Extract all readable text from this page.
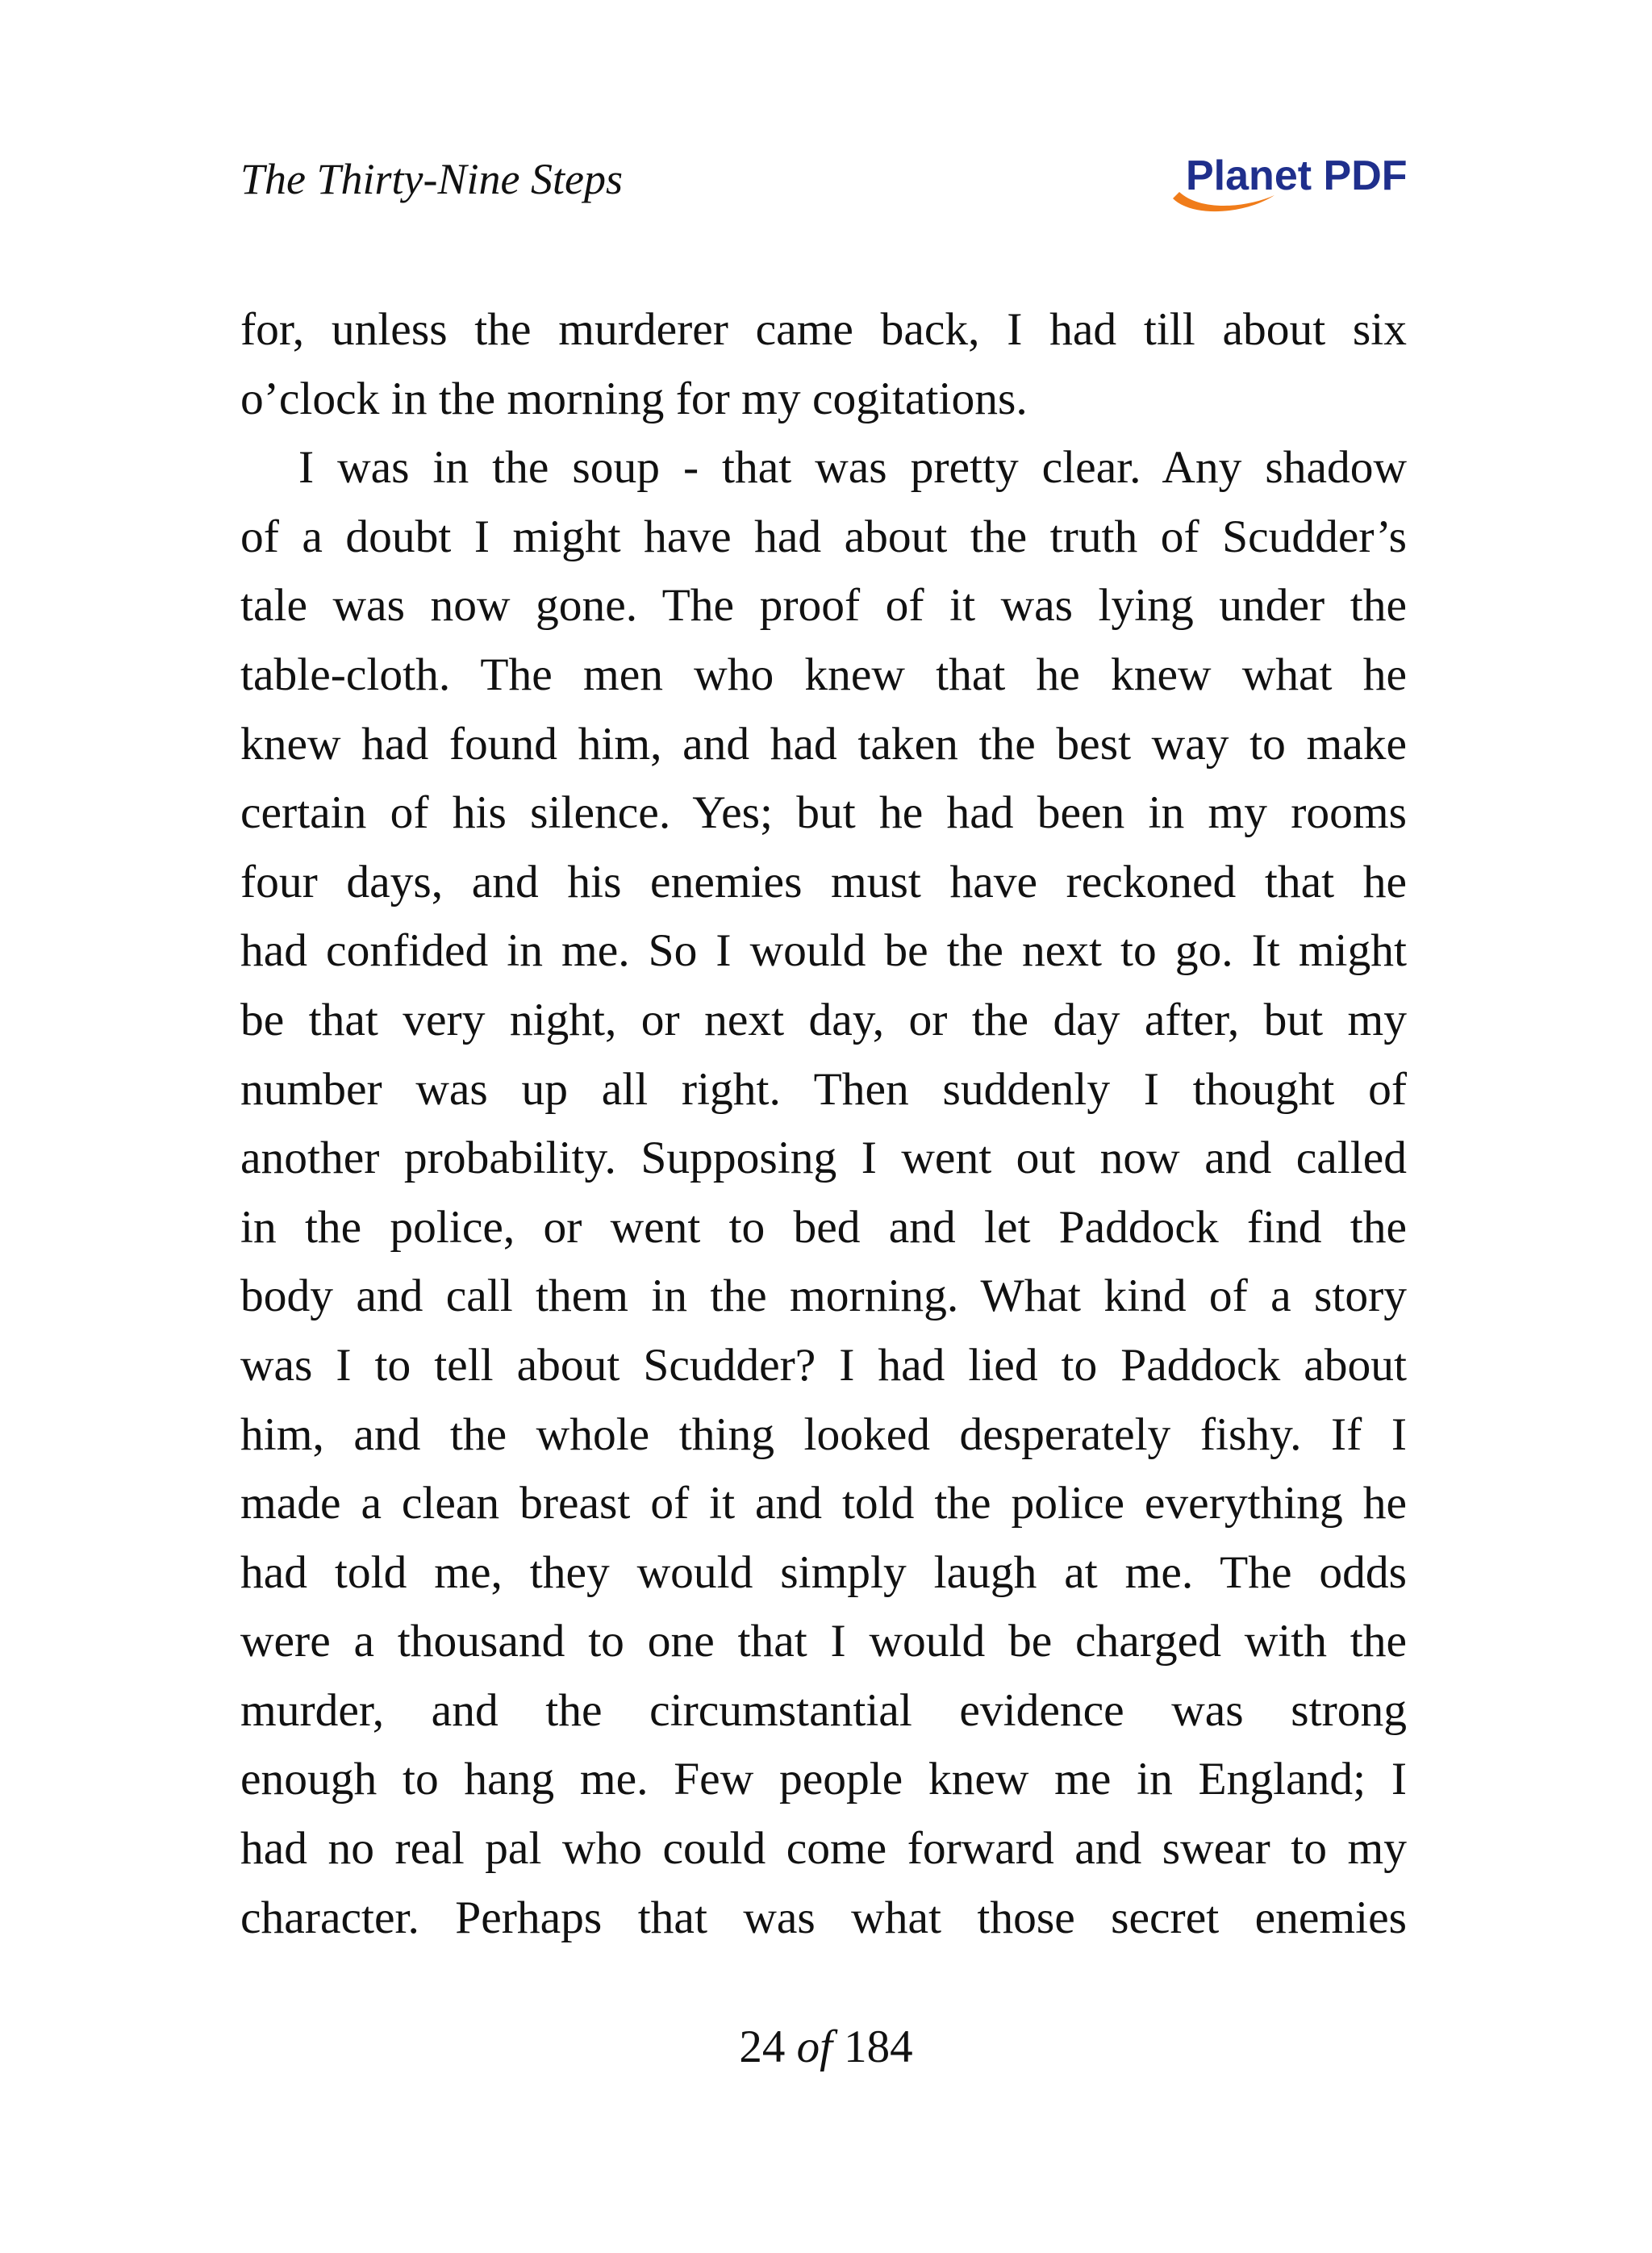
The Thirty-Nine Steps	Planet PDF
for, unless the murderer came back, I had till about six
o’clock in the morning for my cogitations.
I was in the soup - that was pretty clear. Any shadow
of a doubt I might have had about the truth of Scudder’s
tale was now gone. The proof of it was lying under the
table-cloth. The men who knew that he knew what he
knew had found him, and had taken the best way to make
certain of his silence. Yes; but he had been in my rooms
four days, and his enemies must have reckoned that he
had confided in me. So I would be the next to go. It might
be that very night, or next day, or the day after, but my
number was up all right. Then suddenly I thought of
another probability. Supposing I went out now and called
in the police, or went to bed and let Paddock find the
body and call them in the morning. What kind of a story
was I to tell about Scudder? I had lied to Paddock about
him, and the whole thing looked desperately fishy. If I
made a clean breast of it and told the police everything he
had told me, they would simply laugh at me. The odds
were a thousand to one that I would be charged with the
murder, and the circumstantial evidence was strong
enough to hang me. Few people knew me in England; I
had no real pal who could come forward and swear to my
character. Perhaps that was what those secret enemies
24 of 184
